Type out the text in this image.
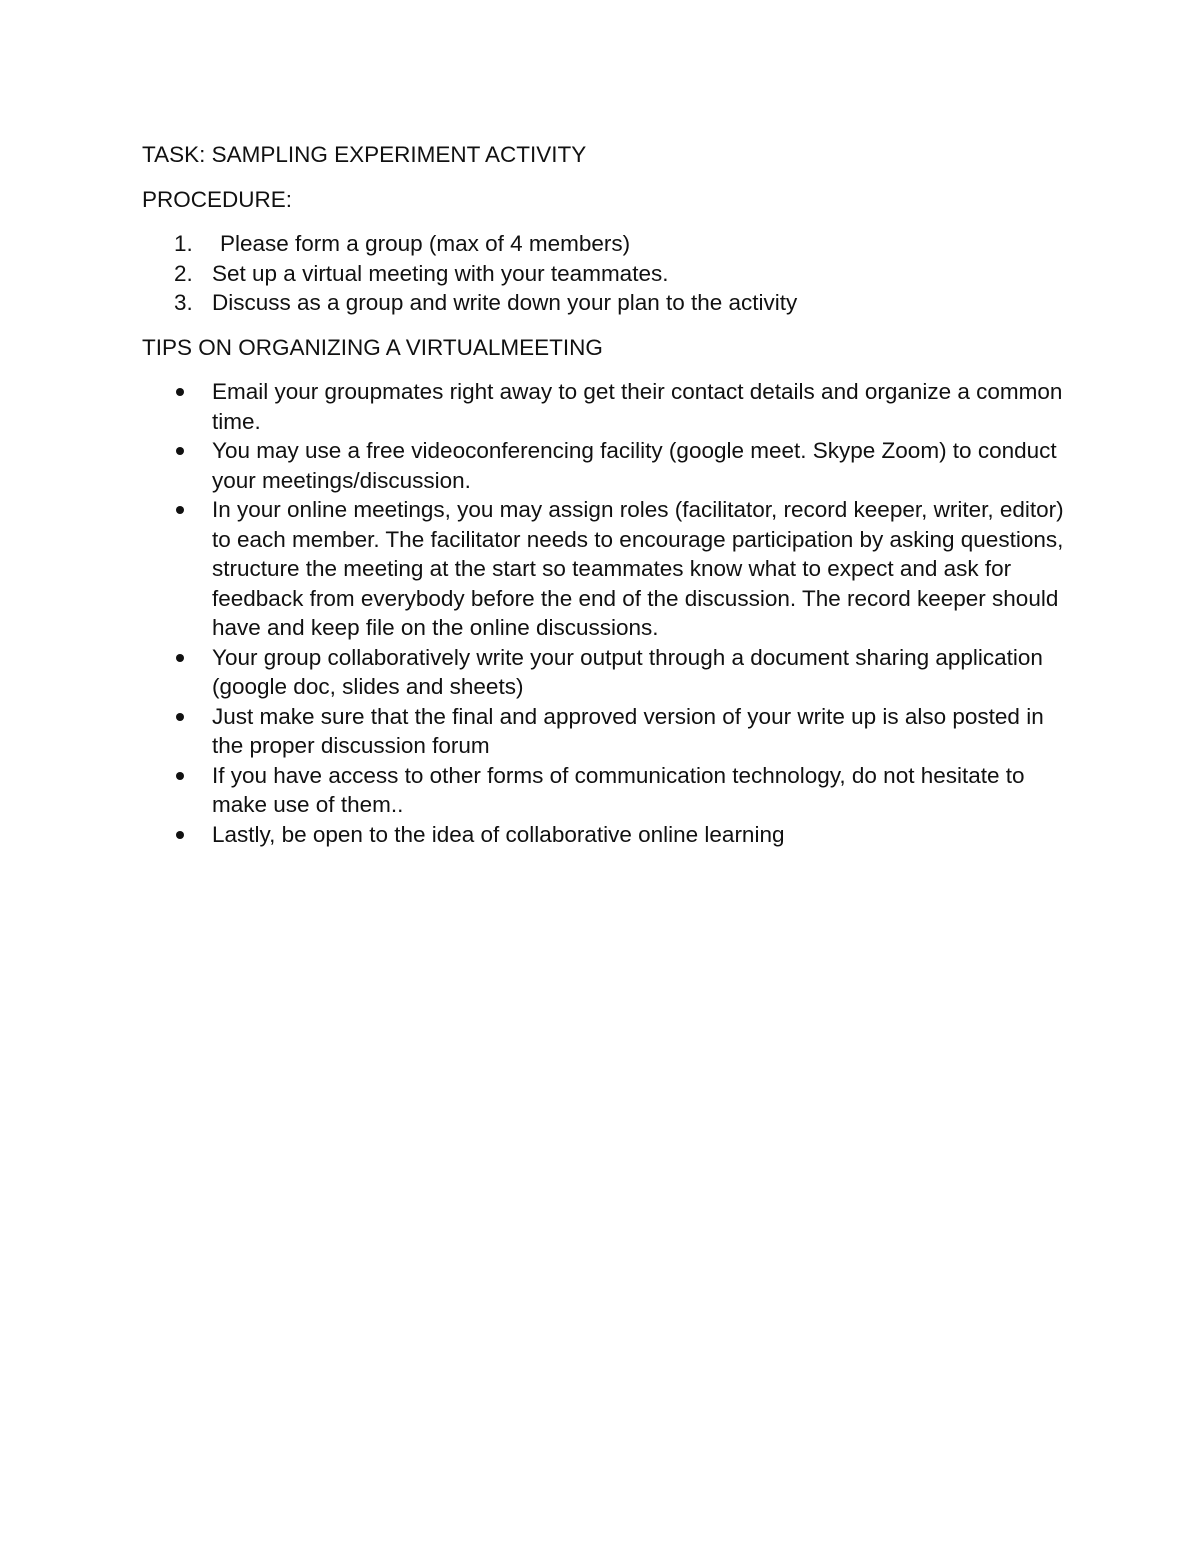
TASK: SAMPLING EXPERIMENT ACTIVITY

PROCEDURE:

1. Please form a group (max of 4 members)
2. Set up a virtual meeting with your teammates.
3. Discuss as a group and write down your plan to the activity

TIPS ON ORGANIZING A VIRTUALMEETING

Email your groupmates right away to get their contact details and organize a common time.
You may use a free videoconferencing facility (google meet. Skype Zoom) to conduct your meetings/discussion.
In your online meetings, you may assign roles (facilitator, record keeper, writer, editor) to each member. The facilitator needs to encourage participation by asking questions, structure the meeting at the start so teammates know what to expect and ask for feedback from everybody before the end of the discussion. The record keeper should have and keep file on the online discussions.
Your group collaboratively write your output through a document sharing application (google doc, slides and sheets)
Just make sure that the final and approved version of your write up is also posted in the proper discussion forum
If you have access to other forms of communication technology, do not hesitate to make use of them..
Lastly, be open to the idea of collaborative online learning
